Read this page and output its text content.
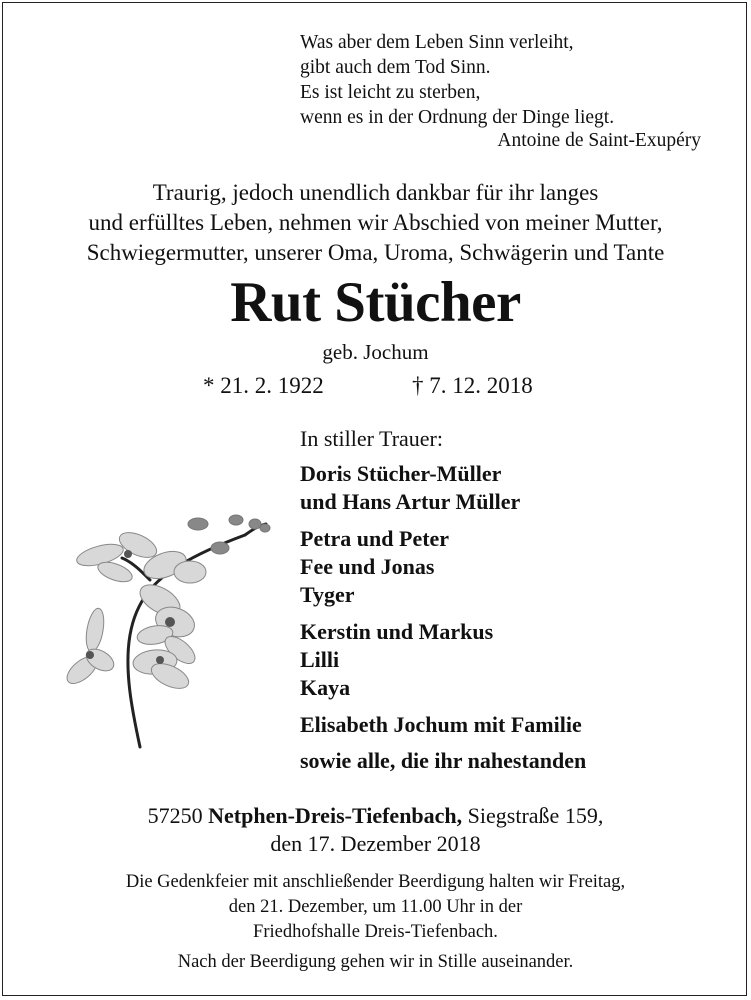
Was aber dem Leben Sinn verleiht,
gibt auch dem Tod Sinn.
Es ist leicht zu sterben,
wenn es in der Ordnung der Dinge liegt.
Antoine de Saint-Exupéry
Traurig, jedoch unendlich dankbar für ihr langes
und erfülltes Leben, nehmen wir Abschied von meiner Mutter,
Schwiegermutter, unserer Oma, Uroma, Schwägerin und Tante
Rut Stücher
geb. Jochum
* 21. 2. 1922	† 7. 12. 2018
In stiller Trauer:
Doris Stücher-Müller
und Hans Artur Müller
Petra und Peter
Fee und Jonas
Tyger
Kerstin und Markus
Lilli
Kaya
Elisabeth Jochum mit Familie
sowie alle, die ihr nahestanden
57250 Netphen-Dreis-Tiefenbach, Siegstraße 159,
den 17. Dezember 2018
Die Gedenkfeier mit anschließender Beerdigung halten wir Freitag,
den 21. Dezember, um 11.00 Uhr in der
Friedhofshalle Dreis-Tiefenbach.
Nach der Beerdigung gehen wir in Stille auseinander.
